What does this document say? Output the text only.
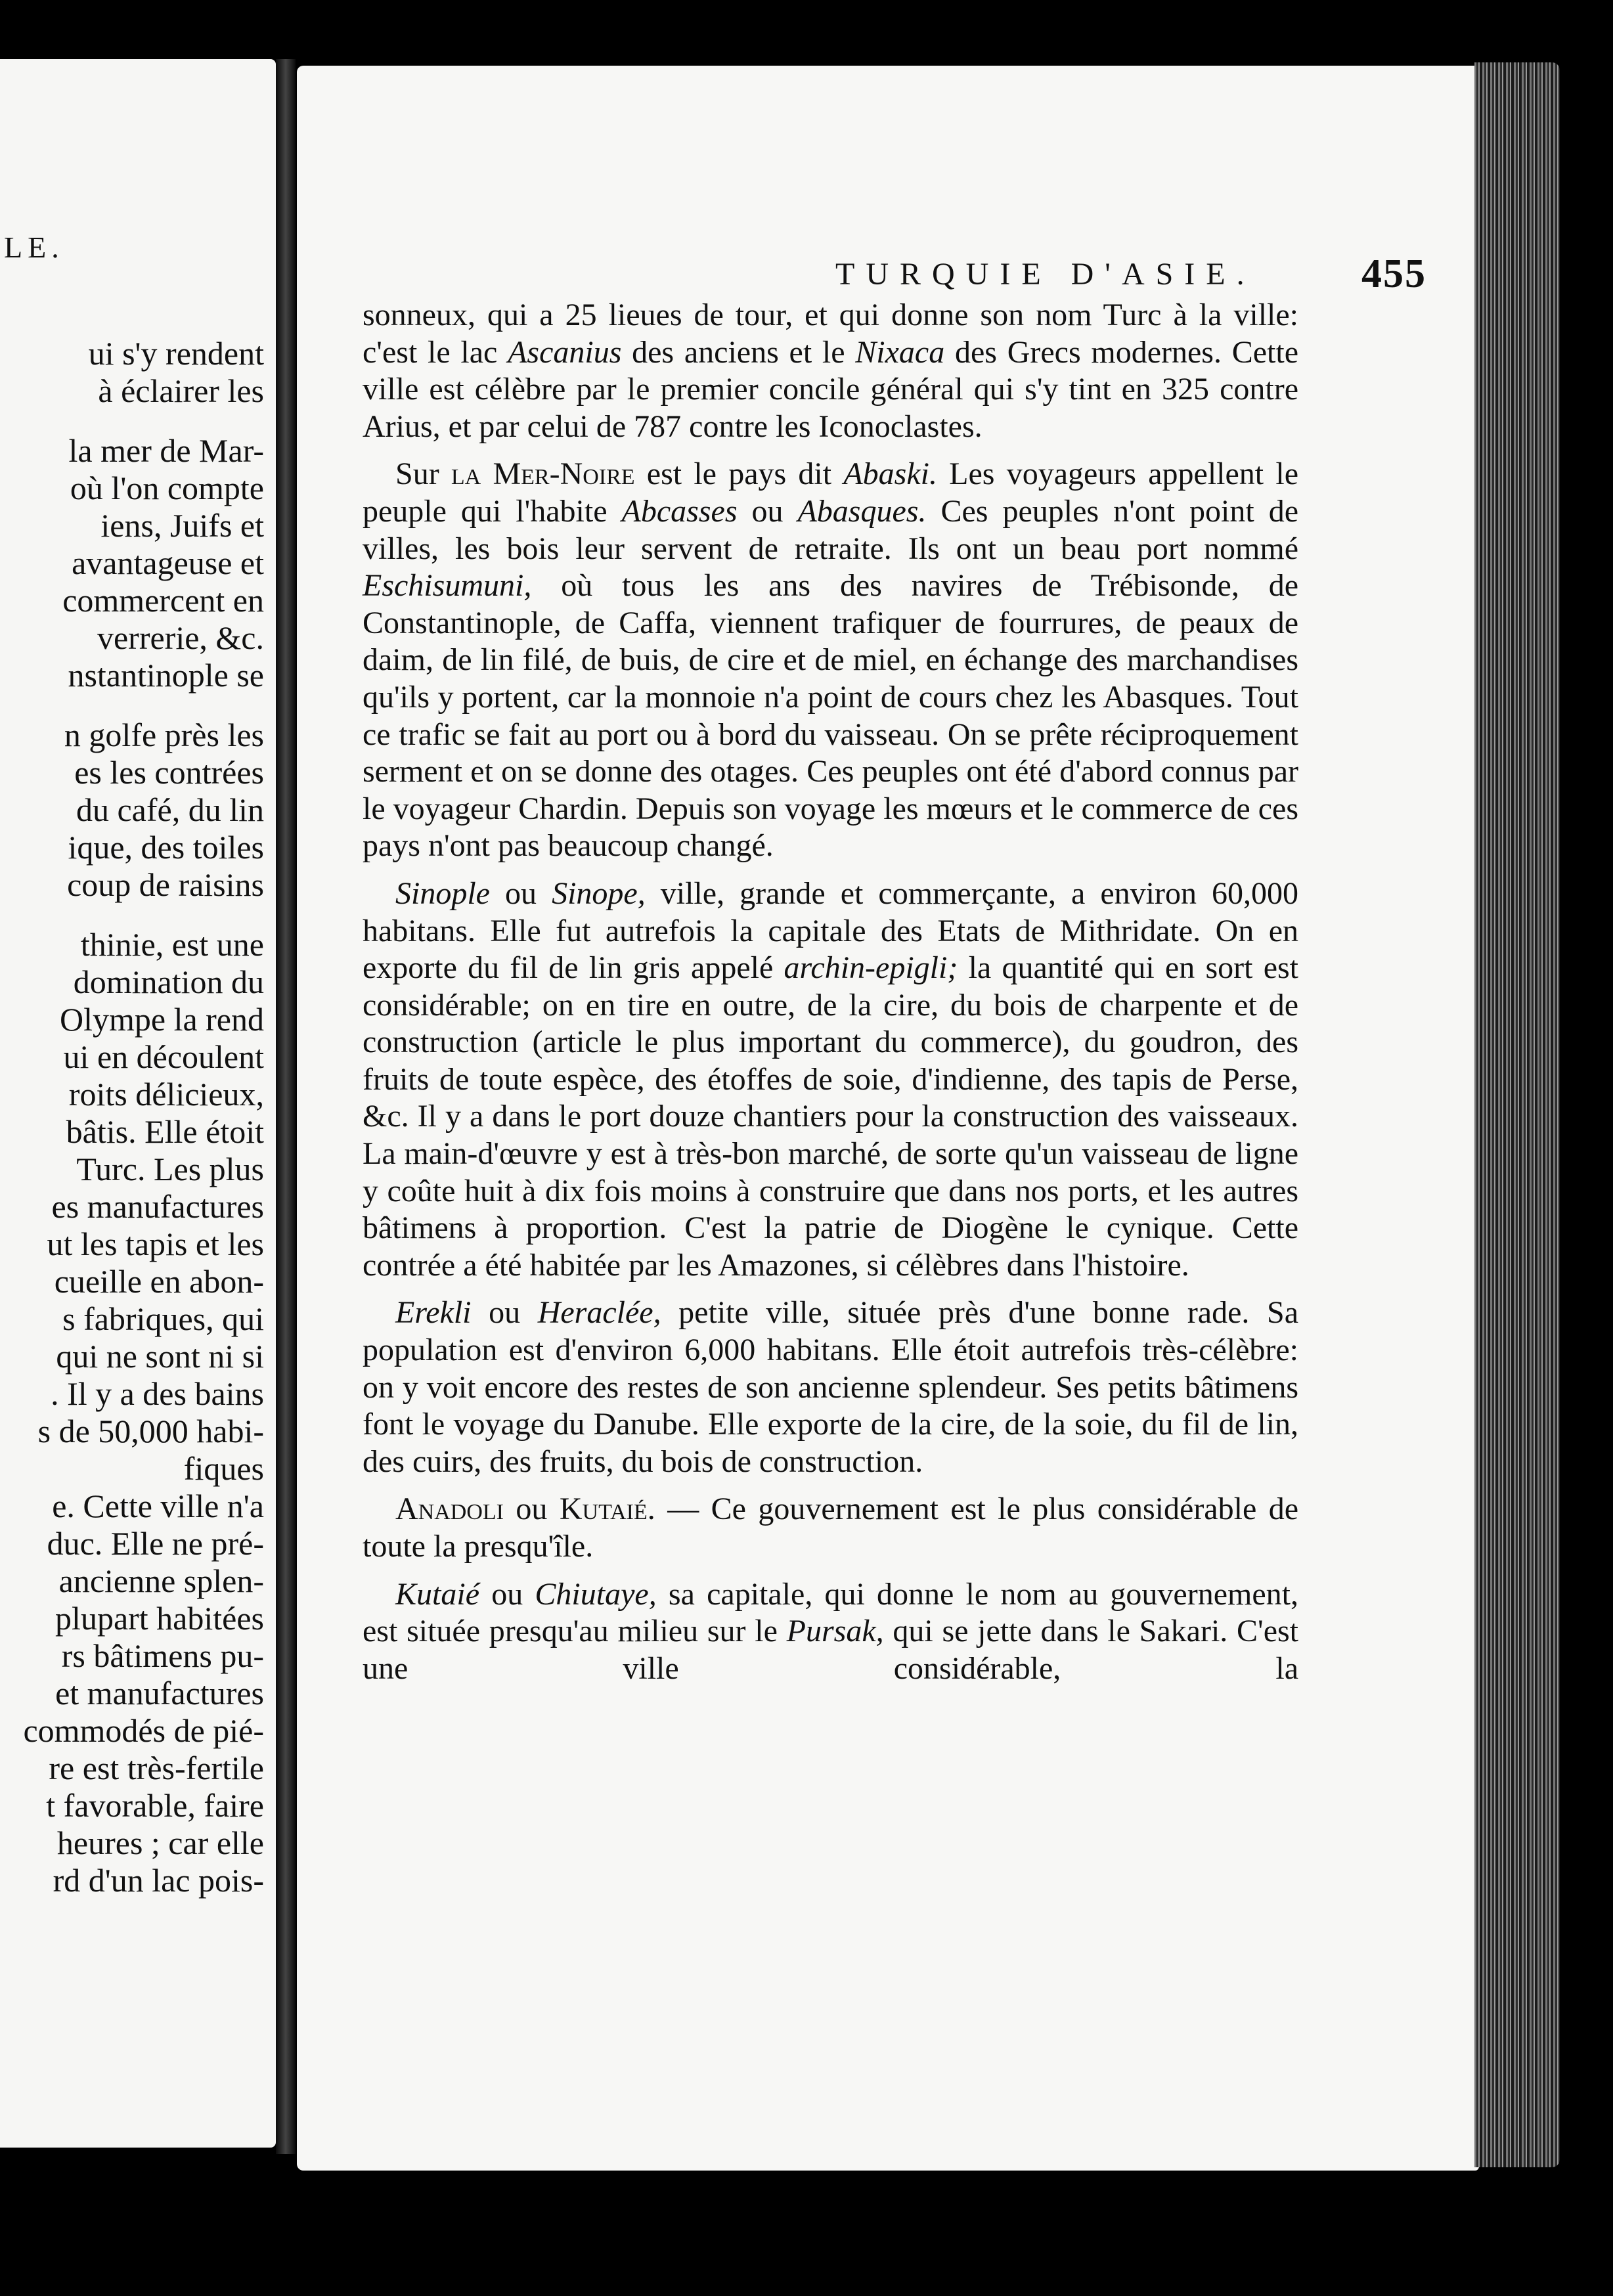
LE.
ui s'y rendent
à éclairer les
la mer de Mar-
où l'on compte
iens, Juifs et
avantageuse et
commercent en
verrerie, &c.
nstantinople se
n golfe près les
es les contrées
du café, du lin
ique, des toiles
coup de raisins
thinie, est une
domination du
Olympe la rend
ui en découlent
roits délicieux,
bâtis. Elle étoit
Turc. Les plus
es manufactures
ut les tapis et les
cueille en abon-
s fabriques, qui
qui ne sont ni si
. Il y a des bains
s de 50,000 habi-
fiques
e. Cette ville n'a
duc. Elle ne pré-
ancienne splen-
plupart habitées
rs bâtimens pu-
et manufactures
commodés de pié-
re est très-fertile
t favorable, faire
heures ; car elle
rd d'un lac pois-
TURQUIE D'ASIE.	455

sonneux, qui a 25 lieues de tour, et qui donne son nom Turc à la ville: c'est le lac Ascanius des anciens et le Nixaca des Grecs modernes. Cette ville est célèbre par le premier concile général qui s'y tint en 325 contre Arius, et par celui de 787 contre les Iconoclastes.

Sur la Mer-Noire est le pays dit Abaski. Les voyageurs appellent le peuple qui l'habite Abcasses ou Abasques. Ces peuples n'ont point de villes, les bois leur servent de retraite. Ils ont un beau port nommé Eschisumuni, où tous les ans des navires de Trébisonde, de Constantinople, de Caffa, viennent trafiquer de fourrures, de peaux de daim, de lin filé, de buis, de cire et de miel, en échange des marchandises qu'ils y portent, car la monnoie n'a point de cours chez les Abasques. Tout ce trafic se fait au port ou à bord du vaisseau. On se prête réciproquement serment et on se donne des otages. Ces peuples ont été d'abord connus par le voyageur Chardin. Depuis son voyage les mœurs et le commerce de ces pays n'ont pas beaucoup changé.

Sinople ou Sinope, ville, grande et commerçante, a environ 60,000 habitans. Elle fut autrefois la capitale des Etats de Mithridate. On en exporte du fil de lin gris appelé archin-epigli; la quantité qui en sort est considérable; on en tire en outre, de la cire, du bois de charpente et de construction (article le plus important du commerce), du goudron, des fruits de toute espèce, des étoffes de soie, d'indienne, des tapis de Perse, &c. Il y a dans le port douze chantiers pour la construction des vaisseaux. La main-d'œuvre y est à très-bon marché, de sorte qu'un vaisseau de ligne y coûte huit à dix fois moins à construire que dans nos ports, et les autres bâtimens à proportion. C'est la patrie de Diogène le cynique. Cette contrée a été habitée par les Amazones, si célèbres dans l'histoire.

Erekli ou Heraclée, petite ville, située près d'une bonne rade. Sa population est d'environ 6,000 habitans. Elle étoit autrefois très-célèbre: on y voit encore des restes de son ancienne splendeur. Ses petits bâtimens font le voyage du Danube. Elle exporte de la cire, de la soie, du fil de lin, des cuirs, des fruits, du bois de construction.

Anadoli ou Kutaié. — Ce gouvernement est le plus considérable de toute la presqu'île.

Kutaié ou Chiutaye, sa capitale, qui donne le nom au gouvernement, est située presqu'au milieu sur le Pursak, qui se jette dans le Sakari. C'est une ville considérable, la
